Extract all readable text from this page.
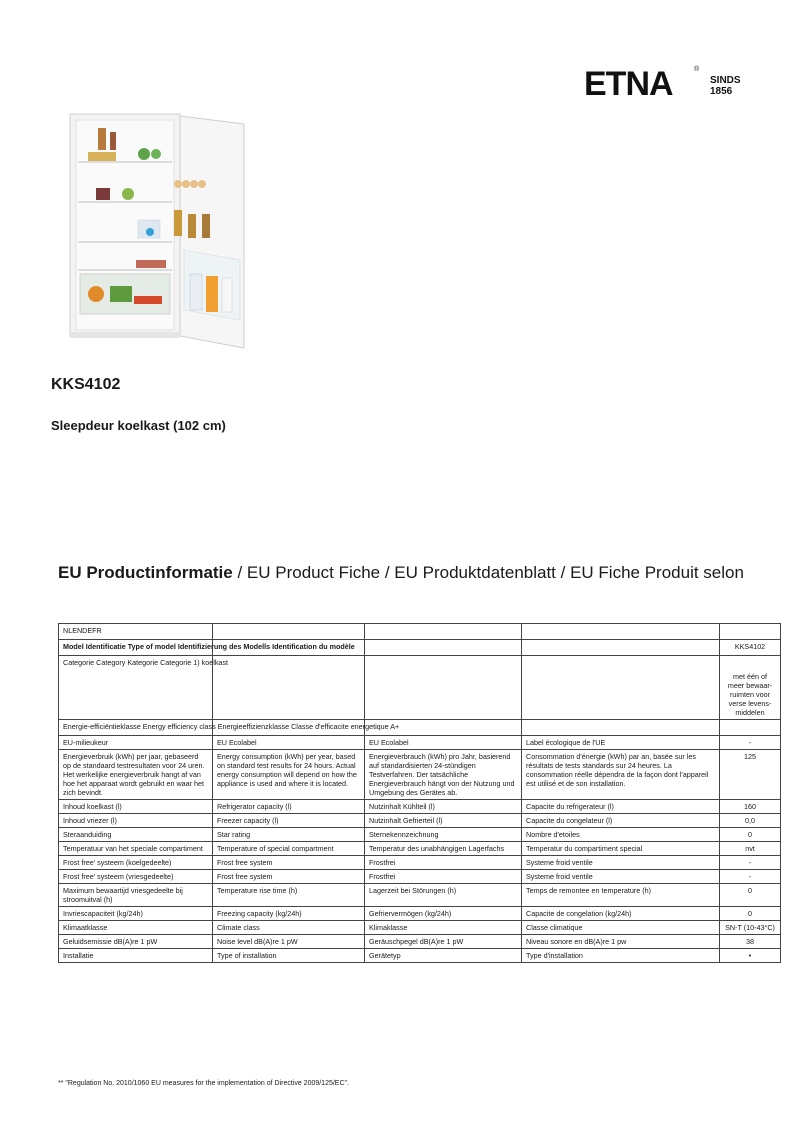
ETNA	®
SINDS
1856
KKS4102
Sleepdeur koelkast (102 cm)
EU Productinformatie / EU Product Fiche / EU Produktdatenblatt / EU Fiche Produit selon
NLENDEFR				
Model Identificatie Type of model Identifizierung des Modells Identification du modèle				KKS4102
Categorie Category Kategorie Categorie 1) koelkast				met één of meer bewaar-ruimten voor verse levens-middelen
Energie-efficiëntieklasse Energy efficiency class Energieeffizienzklasse Classe d'efficacite energetique A+				
EU-milieukeur	EU Ecolabel	EU Ecolabel	Label écologique de l'UE	-
Energieverbruik (kWh) per jaar, gebaseerd op de standaard testresultaten voor 24 uren. Het werkelijke energieverbruik hangt af van hoe het apparaat wordt gebruikt en waar het zich bevindt.	Energy consumption (kWh) per year, based on standard test results for 24 hours. Actual energy consumption will depend on how the appliance is used and where it is located.	Energieverbrauch (kWh) pro Jahr, basierend auf standardisierten 24-stündigen Testverfahren. Der tatsächliche Energieverbrauch hängt von der Nutzung und Umgebung des Gerätes ab.	Consommation d'énergie (kWh) par an, basée sur les résultats de tests standards sur 24 heures. La consommation réelle dépendra de la façon dont l'appareil est utilisé et de son installation.	125
Inhoud koelkast (l)	Refrigerator capacity (l)	Nutzinhalt Kühlteil (l)	Capacite du refrigerateur (l)	160
Inhoud vriezer (l)	Freezer capacity (l)	Nutzinhalt Gefrierteil (l)	Capacite du congelateur (l)	0,0
Steraanduiding	Star rating	Sternekennzeichnung	Nombre d'etoiles	0
Temperatuur van het speciale compartiment	Temperature of special compartment	Temperatur des unabhängigen Lagerfachs	Temperatur du compartiment special	nvt
Frost free' systeem (koelgedeelte)	Frost free system	Frostfrei	Systeme froid ventile	-
Frost free' systeem (vriesgedeelte)	Frost free system	Frostfrei	Systeme froid ventile	-
Maximum bewaartijd vriesgedeelte bij stroomuitval (h)	Temperature rise time (h)	Lagerzeit bei Störungen (h)	Temps de remontee en temperature (h)	0
Invriescapaciteit (kg/24h)	Freezing capacity (kg/24h)	Gefriervermögen (kg/24h)	Capacite de congelation (kg/24h)	0
Klimaatklasse	Climate class	Klimaklasse	Classe climatique	SN-T (10-43°C)
Geluidsemissie dB(A)re 1 pW	Noise level dB(A)re 1 pW	Geräuschpegel dB(A)re 1 pW	Niveau sonore en dB(A)re 1 pw	38
Installatie	Type of installation	Gerätetyp	Type d'installation	•
** "Regulation No. 2010/1060 EU measures for the implementation of Directive 2009/125/EC".
